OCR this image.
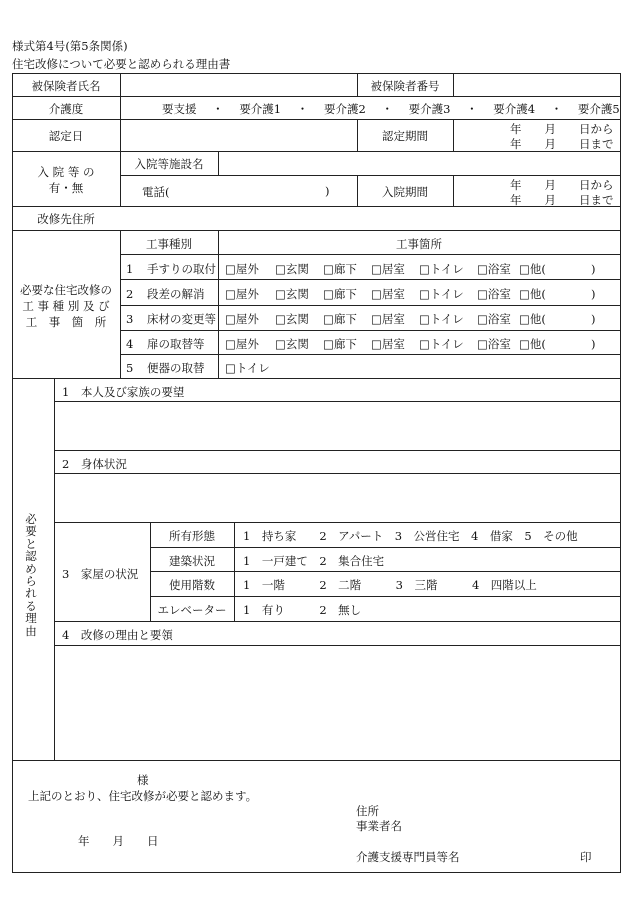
様式第4号(第5条関係)
住宅改修について必要と認められる理由書
被保険者氏名	被保険者番号
介護度	要支援 ・ 要介護1 ・ 要介護2 ・ 要介護3 ・ 要介護4 ・ 要介護5
認定日	認定期間	年　　月　　日から
年　　月　　日まで
入 院 等 の
有・無
入院等施設名
電話(	)	入院期間	年　　月　　日から
年　　月　　日まで
改修先住所
必要な住宅改修の
工 事 種 別 及 び
工　事　箇　所
工事種別	工事箇所
1 手すりの取付 □屋外 □玄関 □廊下 □居室 □トイレ □浴室 □他(	)
2 段差の解消 □屋外 □玄関 □廊下 □居室 □トイレ □浴室 □他(	)
3 床材の変更等 □屋外 □玄関 □廊下 □居室 □トイレ □浴室 □他(	)
4 扉の取替等 □屋外 □玄関 □廊下 □居室 □トイレ □浴室 □他(	)
5 便器の取替 □トイレ
必
要
と
認
め
ら
れ
る
理
由
1　本人及び家族の要望
2　身体状況
3　家屋の状況
所有形態	1　持ち家　　2　アパート　3　公営住宅　4　借家　5　その他
建築状況	1　一戸建て　2　集合住宅
使用階数	1　一階　　　2　二階　　　3　三階　　　4　四階以上
エレベーター	1　有り　　　2　無し
4　改修の理由と要領
様
上記のとおり、住宅改修が必要と認めます。
住所
事業者名
年　　月　　日
介護支援専門員等名	印
